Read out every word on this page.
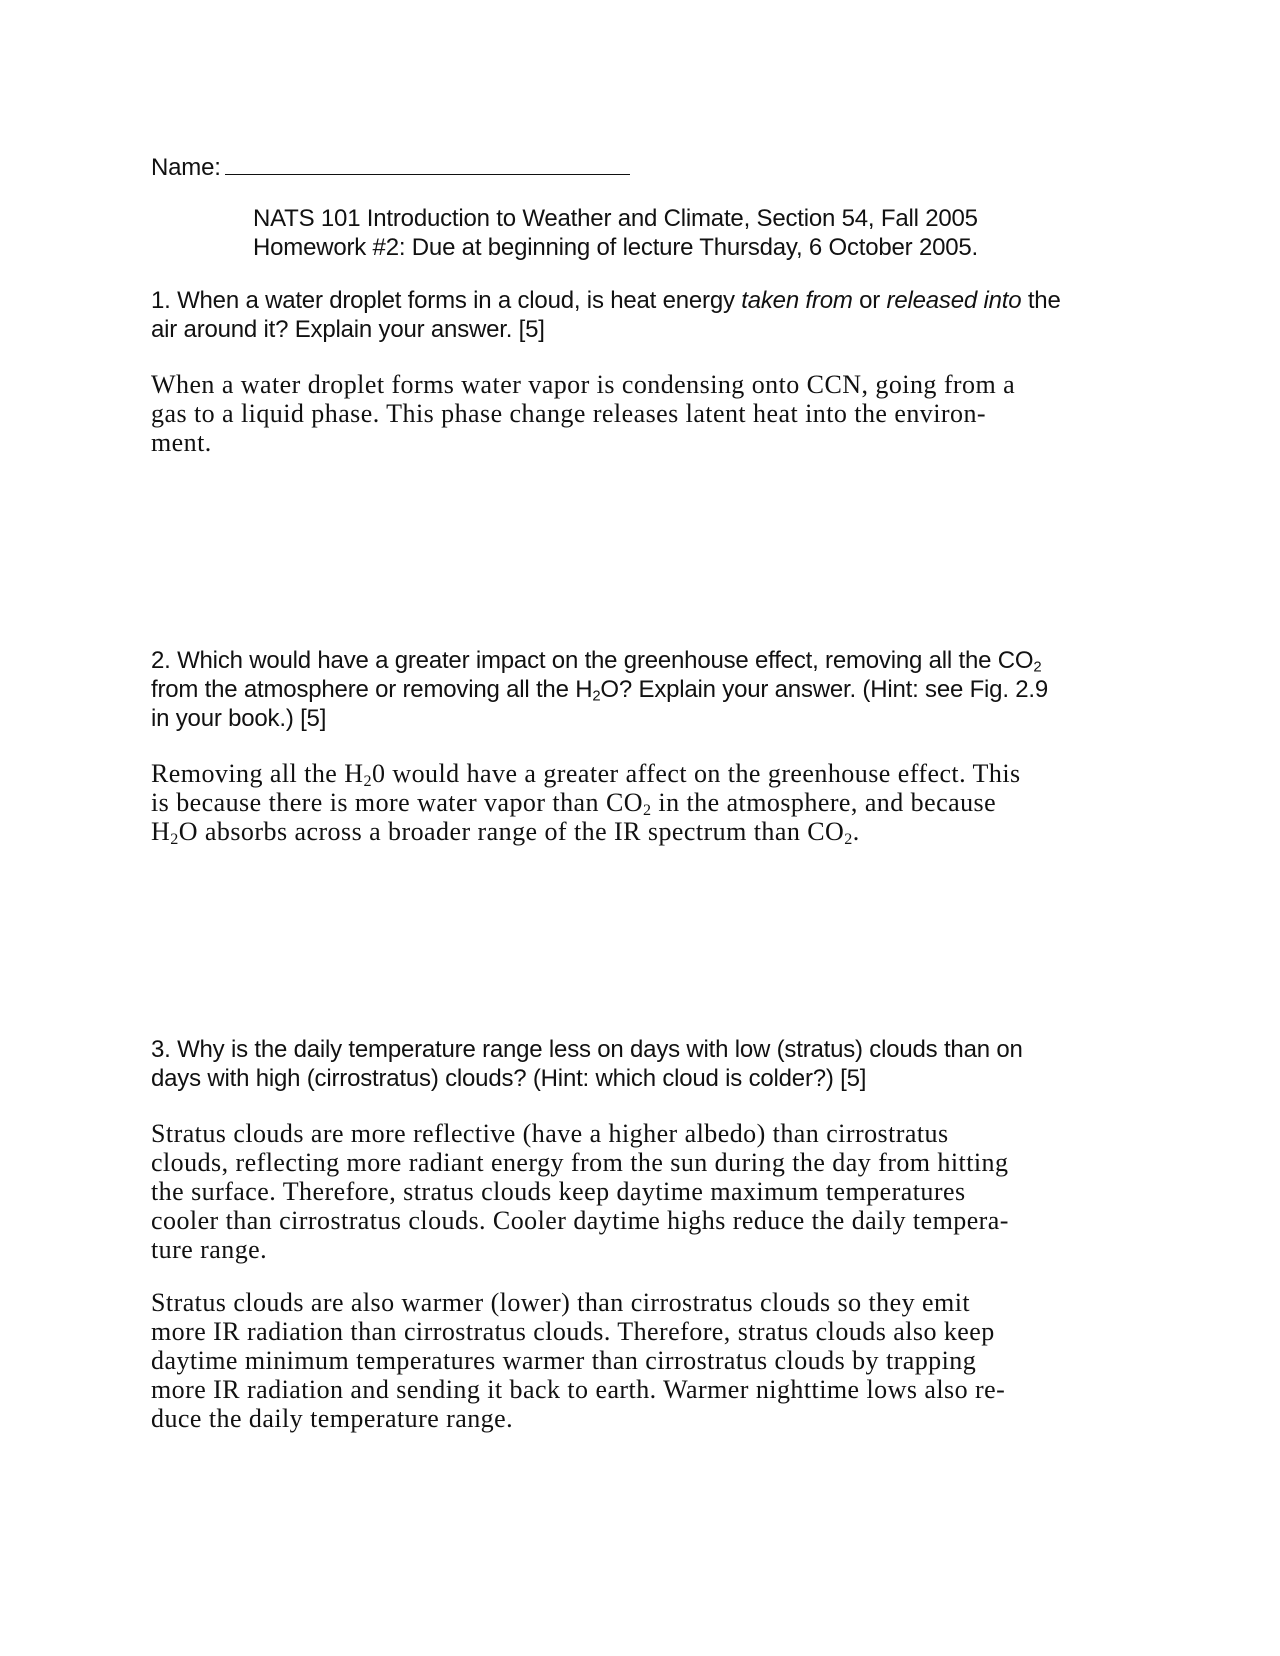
Name:
NATS 101 Introduction to Weather and Climate, Section 54, Fall 2005
Homework #2: Due at beginning of lecture Thursday, 6 October 2005.
1. When a water droplet forms in a cloud, is heat energy taken from or released into the
air around it? Explain your answer. [5]
When a water droplet forms water vapor is condensing onto CCN, going from a
gas to a liquid phase. This phase change releases latent heat into the environ-
ment.
2. Which would have a greater impact on the greenhouse effect, removing all the $CO_2$
from the atmosphere or removing all the $H_2O$? Explain your answer. (Hint: see Fig. 2.9
in your book.) [5]
Removing all the $H_20$ would have a greater affect on the greenhouse effect. This
is because there is more water vapor than $CO_2$ in the atmosphere, and because
$H_2O$ absorbs across a broader range of the IR spectrum than $CO_2$.
3. Why is the daily temperature range less on days with low (stratus) clouds than on
days with high (cirrostratus) clouds? (Hint: which cloud is colder?) [5]
Stratus clouds are more reflective (have a higher albedo) than cirrostratus
clouds, reflecting more radiant energy from the sun during the day from hitting
the surface. Therefore, stratus clouds keep daytime maximum temperatures
cooler than cirrostratus clouds. Cooler daytime highs reduce the daily tempera-
ture range.
Stratus clouds are also warmer (lower) than cirrostratus clouds so they emit
more IR radiation than cirrostratus clouds. Therefore, stratus clouds also keep
daytime minimum temperatures warmer than cirrostratus clouds by trapping
more IR radiation and sending it back to earth. Warmer nighttime lows also re-
duce the daily temperature range.
